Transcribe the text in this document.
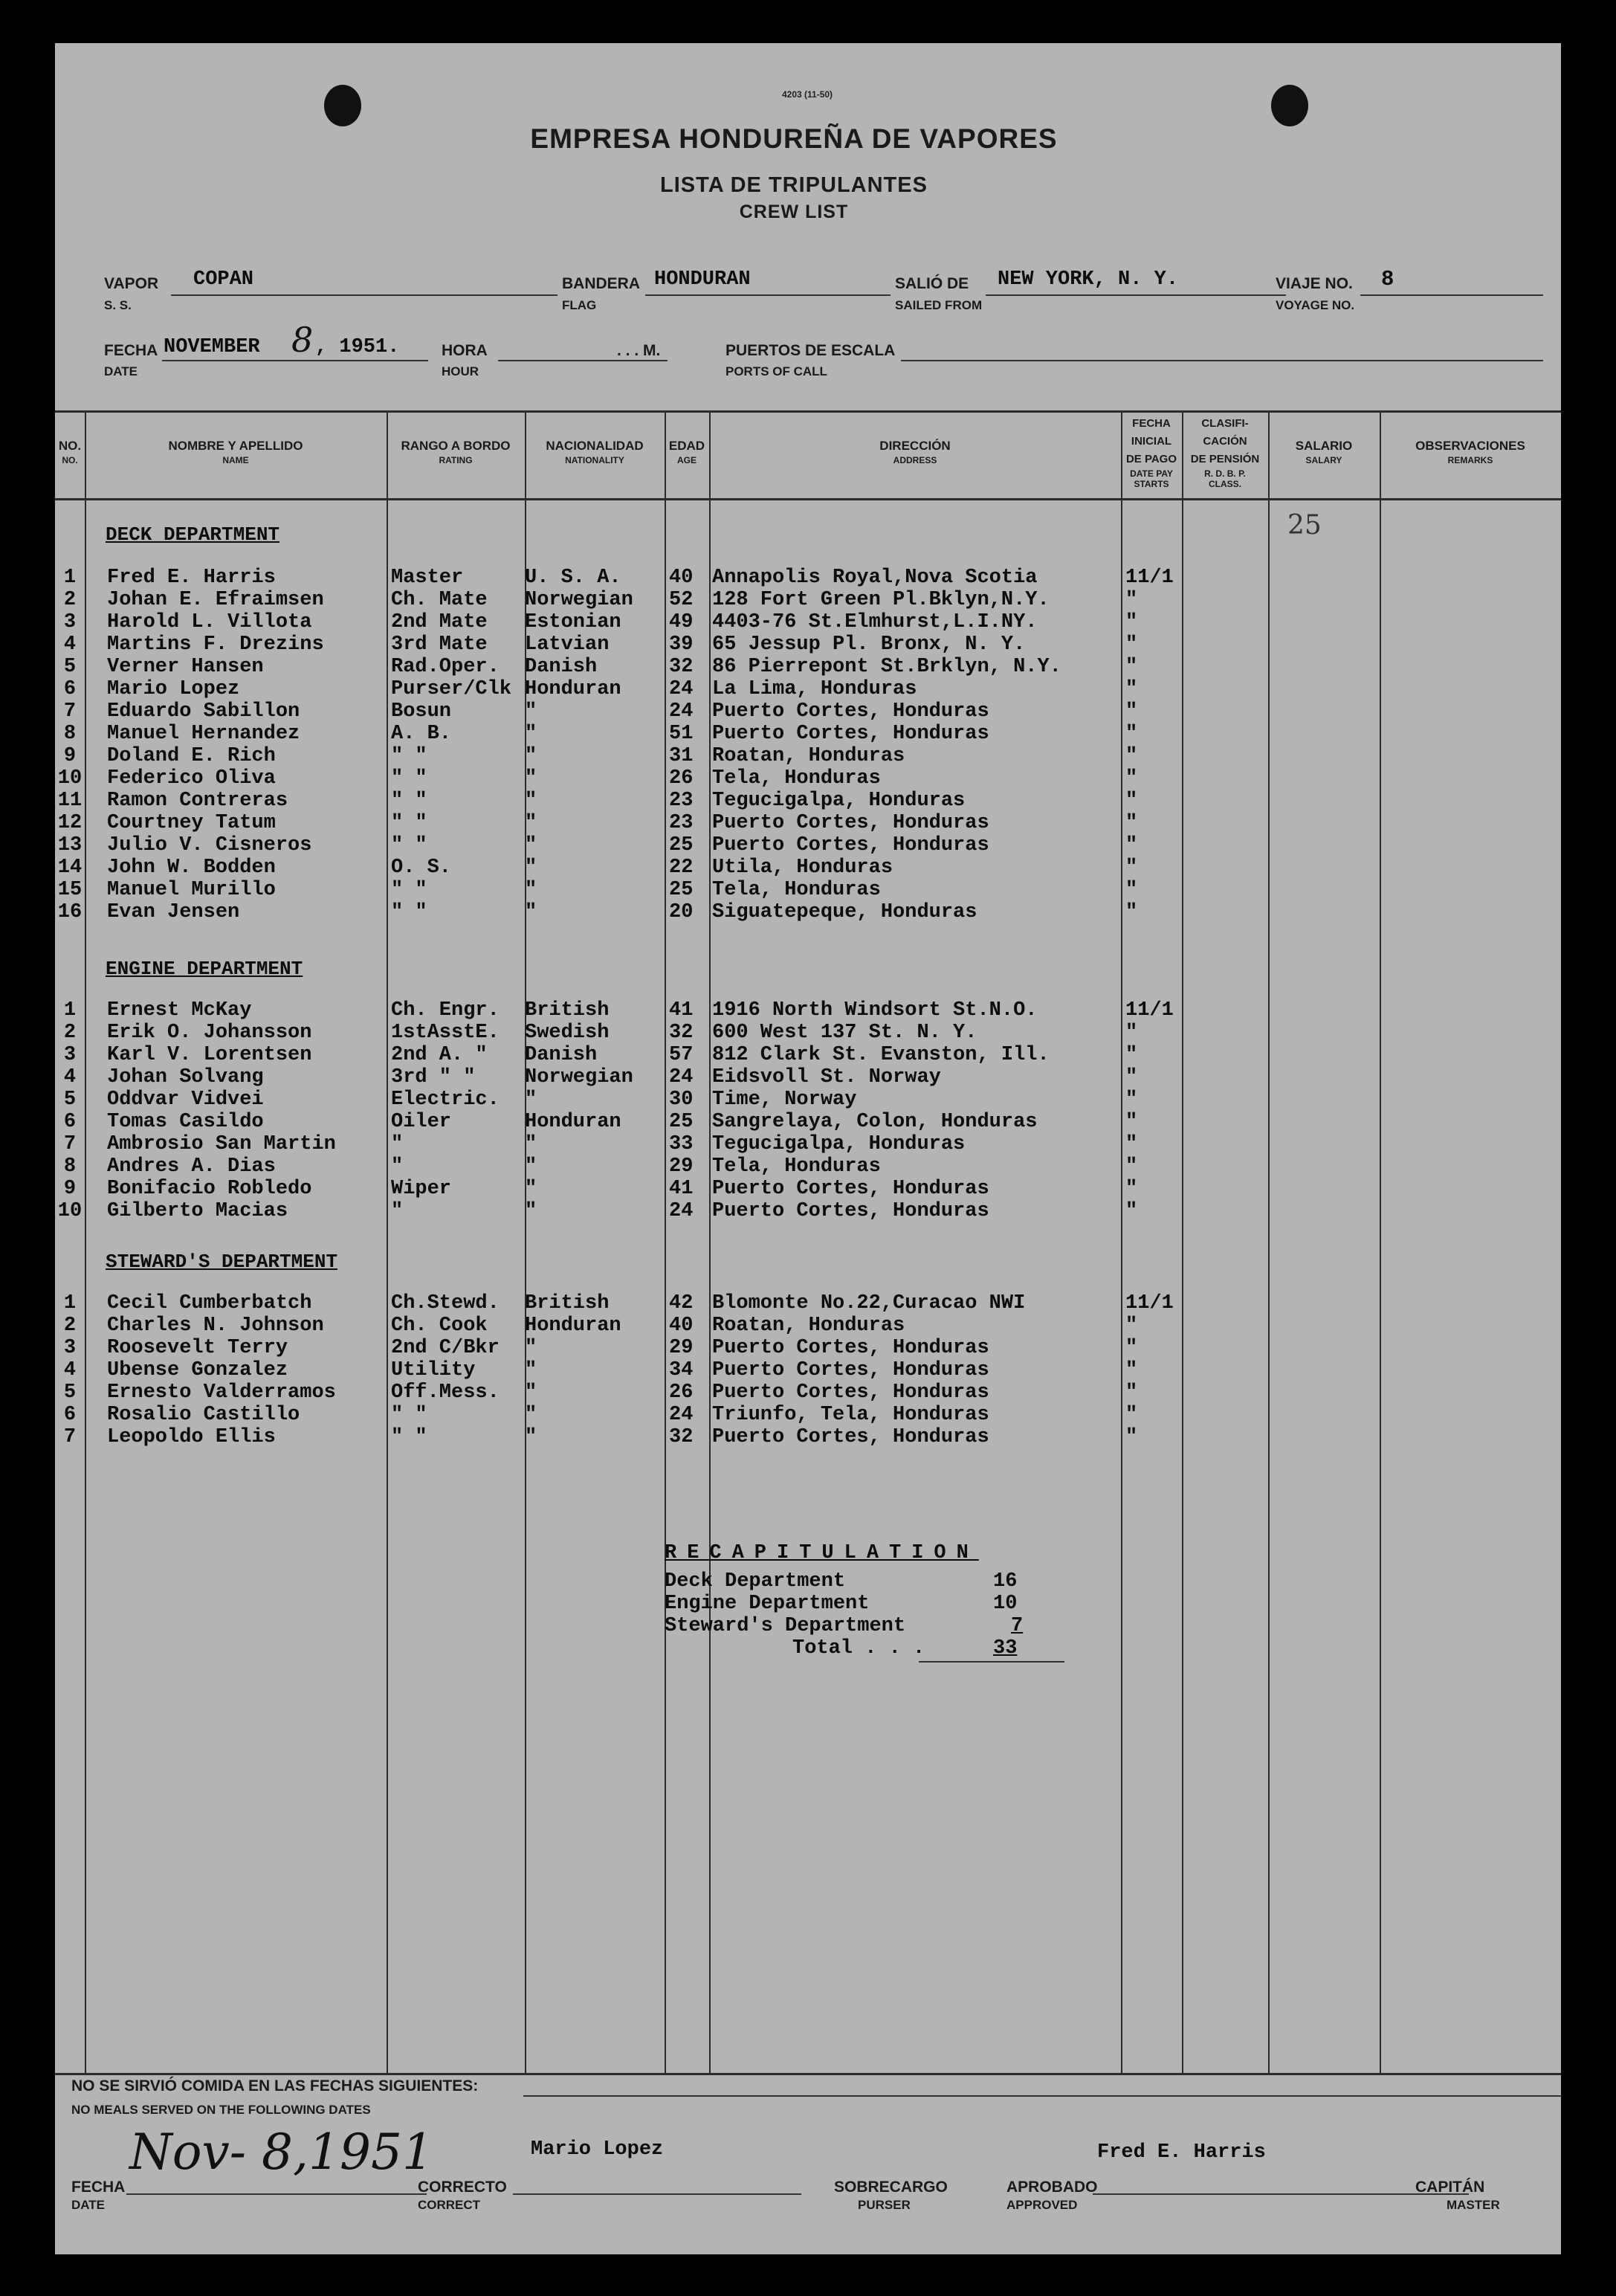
4203 (11-50)
EMPRESA HONDUREÑA DE VAPORES
LISTA DE TRIPULANTES
CREW LIST
VAPOR
S. S.
COPAN	BANDERA
FLAG
HONDURAN	SALIÓ DE
SAILED FROM
NEW YORK, N. Y.	VIAJE NO.
VOYAGE NO.
8
FECHA
DATE
NOVEMBER 8 , 1951.	HORA
HOUR
. . . M.	PUERTOS DE ESCALA
PORTS OF CALL
NO.
NO.
NOMBRE Y APELLIDO
NAME
RANGO A BORDO
RATING
NACIONALIDAD
NATIONALITY
EDAD
AGE
DIRECCIÓN
ADDRESS
FECHA
INICIAL
DE PAGO
DATE PAY
STARTS
CLASIFI-
CACIÓN
DE PENSIÓN
R. D. B. P.
CLASS.
SALARIO
SALARY
OBSERVACIONES
REMARKS
25
DECK DEPARTMENT
1	Fred E. Harris	Master	U. S. A. 40 Annapolis Royal,Nova Scotia	11/1
2	Johan E. Efraimsen	Ch. Mate Norwegian 52 128 Fort Green Pl.Bklyn,N.Y.	"
3	Harold L. Villota	2nd Mate Estonian 49 4403-76 St.Elmhurst,L.I.NY.	"
4	Martins F. Drezins	3rd Mate Latvian	39 65 Jessup Pl. Bronx, N. Y.	"
5	Verner Hansen	Rad.Oper. Danish	32 86 Pierrepont St.Brklyn, N.Y.	"
6	Mario Lopez	Purser/Clk Honduran 24 La Lima, Honduras	"
7	Eduardo Sabillon	Bosun	"	24 Puerto Cortes, Honduras	"
8	Manuel Hernandez	A. B.	"	51 Puerto Cortes, Honduras	"
9	Doland E. Rich	" "	"	31 Roatan, Honduras	"
10 Federico Oliva	" "	"	26 Tela, Honduras	"
11 Ramon Contreras	" "	"	23 Tegucigalpa, Honduras	"
12 Courtney Tatum	" "	"	23 Puerto Cortes, Honduras	"
13 Julio V. Cisneros	" "	"	25 Puerto Cortes, Honduras	"
14 John W. Bodden	O. S.	"	22 Utila, Honduras	"
15 Manuel Murillo	" "	"	25 Tela, Honduras	"
16 Evan Jensen	" "	"	20 Siguatepeque, Honduras	"
ENGINE DEPARTMENT
1	Ernest McKay	Ch. Engr. British	41 1916 North Windsort St.N.O.	11/1
2	Erik O. Johansson	1stAsstE. Swedish	32 600 West 137 St. N. Y.	"
3	Karl V. Lorentsen	2nd A. " Danish	57 812 Clark St. Evanston, Ill.	"
4	Johan Solvang	3rd " " Norwegian 24 Eidsvoll St. Norway	"
5	Oddvar Vidvei	Electric. "	30 Time, Norway	"
6	Tomas Casildo	Oiler	Honduran 25 Sangrelaya, Colon, Honduras	"
7	Ambrosio San Martin	"	"	33 Tegucigalpa, Honduras	"
8	Andres A. Dias	"	"	29 Tela, Honduras	"
9	Bonifacio Robledo	Wiper	"	41 Puerto Cortes, Honduras	"
10 Gilberto Macias	"	"	24 Puerto Cortes, Honduras	"
STEWARD'S DEPARTMENT
1	Cecil Cumberbatch	Ch.Stewd. British	42 Blomonte No.22,Curacao NWI	11/1
2	Charles N. Johnson	Ch. Cook Honduran 40 Roatan, Honduras	"
3	Roosevelt Terry	2nd C/Bkr "	29 Puerto Cortes, Honduras	"
4	Ubense Gonzalez	Utility "	34 Puerto Cortes, Honduras	"
5	Ernesto Valderramos	Off.Mess. "	26 Puerto Cortes, Honduras	"
6	Rosalio Castillo	" "	"	24 Triunfo, Tela, Honduras	"
7	Leopoldo Ellis	" "	"	32 Puerto Cortes, Honduras	"
RECAPITULATION
Deck Department	16
Engine Department	10
Steward's Department	7
Total . . .	33
NO SE SIRVIÓ COMIDA EN LAS FECHAS SIGUIENTES:
NO MEALS SERVED ON THE FOLLOWING DATES
FECHA
DATE
Nov- 8,1951
CORRECTO
CORRECT
Mario Lopez
SOBRECARGO
PURSER
APROBADO
APPROVED
Fred E. Harris
CAPITÁN
MASTER
